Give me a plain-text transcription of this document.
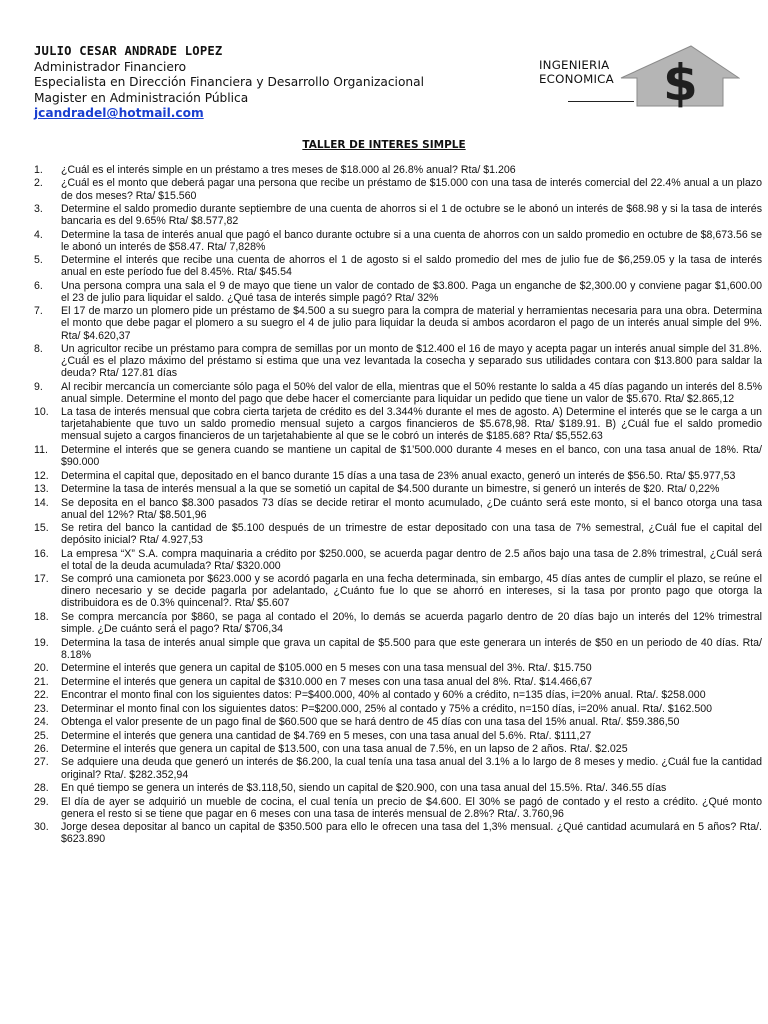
JULIO CESAR ANDRADE LOPEZ
Administrador Financiero
Especialista en Dirección Financiera y Desarrollo Organizacional
Magister en Administración Pública
jcandradel@hotmail.com
$
INGENIERIA
ECONOMICA
TALLER DE INTERES SIMPLE
1.	¿Cuál es el interés simple en un préstamo a tres meses de $18.000 al 26.8% anual? Rta/ $1.206
2.	¿Cuál es el monto que deberá pagar una persona que recibe un préstamo de $15.000 con una tasa de interés comercial del 22.4% anual a un plazo de dos meses? Rta/ $15.560
3.	Determine el saldo promedio durante septiembre de una cuenta de ahorros si el 1 de octubre se le abonó un interés de $68.98 y si la tasa de interés bancaria es del 9.65% Rta/ $8.577,82
4.	Determine la tasa de interés anual que pagó el banco durante octubre si a una cuenta de ahorros con un saldo promedio en octubre de $8,673.56 se le abonó un interés de $58.47. Rta/ 7,828%
5.	Determine el interés que recibe una cuenta de ahorros el 1 de agosto si el saldo promedio del mes de julio fue de $6,259.05 y la tasa de interés anual en este período fue del 8.45%. Rta/ $45.54
6.	Una persona compra una sala el 9 de mayo que tiene un valor de contado de $3.800. Paga un enganche de $2,300.00 y conviene pagar $1,600.00 el 23 de julio para liquidar el saldo. ¿Qué tasa de interés simple pagó? Rta/ 32%
7.	El 17 de marzo un plomero pide un préstamo de $4.500 a su suegro para la compra de material y herramientas necesaria para una obra. Determina el monto que debe pagar el plomero a su suegro el 4 de julio para liquidar la deuda si ambos acordaron el pago de un interés anual simple del 9%. Rta/ $4.620,37
8.	Un agricultor recibe un préstamo para compra de semillas por un monto de $12.400 el 16 de mayo y acepta pagar un interés anual simple del 31.8%. ¿Cuál es el plazo máximo del préstamo si estima que una vez levantada la cosecha y separado sus utilidades contara con $13.800 para saldar la deuda? Rta/ 127.81 días
9.	Al recibir mercancía un comerciante sólo paga el 50% del valor de ella, mientras que el 50% restante lo salda a 45 días pagando un interés del 8.5% anual simple. Determine el monto del pago que debe hacer el comerciante para liquidar un pedido que tiene un valor de $5.670. Rta/ $2.865,12
10.	La tasa de interés mensual que cobra cierta tarjeta de crédito es del 3.344% durante el mes de agosto. A) Determine el interés que se le carga a un tarjetahabiente que tuvo un saldo promedio mensual sujeto a cargos financieros de $5.678,98. Rta/ $189.91. B) ¿Cuál fue el saldo promedio mensual sujeto a cargos financieros de un tarjetahabiente al que se le cobró un interés de $185.68? Rta/ $5,552.63
11.	Determine el interés que se genera cuando se mantiene un capital de $1’500.000 durante 4 meses en el banco, con una tasa anual de 18%. Rta/ $90.000
12.	Determina el capital que, depositado en el banco durante 15 días a una tasa de 23% anual exacto, generó un interés de $56.50. Rta/ $5.977,53
13.	Determine la tasa de interés mensual a la que se sometió un capital de $4.500 durante un bimestre, si generó un interés de $20. Rta/ 0,22%
14.	Se deposita en el banco $8.300 pasados 73 días se decide retirar el monto acumulado, ¿De cuánto será este monto, si el banco otorga una tasa anual del 12%? Rta/ $8.501,96
15.	Se retira del banco la cantidad de $5.100 después de un trimestre de estar depositado con una tasa de 7% semestral, ¿Cuál fue el capital del depósito inicial? Rta/ 4.927,53
16.	La empresa “X” S.A. compra maquinaria a crédito por $250.000, se acuerda pagar dentro de 2.5 años bajo una tasa de 2.8% trimestral, ¿Cuál será el total de la deuda acumulada? Rta/ $320.000
17.	Se compró una camioneta por $623.000 y se acordó pagarla en una fecha determinada, sin embargo, 45 días antes de cumplir el plazo, se reúne el dinero necesario y se decide pagarla por adelantado, ¿Cuánto fue lo que se ahorró en intereses, si la tasa por pronto pago que otorga la distribuidora es de 0.3% quincenal?. Rta/ $5.607
18.	Se compra mercancía por $860, se paga al contado el 20%, lo demás se acuerda pagarlo dentro de 20 días bajo un interés del 12% trimestral simple. ¿De cuánto será el pago? Rta/ $706,34
19.	Determina la tasa de interés anual simple que grava un capital de $5.500 para que este generara un interés de $50 en un periodo de 40 días. Rta/ 8.18%
20.	Determine el interés que genera un capital de $105.000 en 5 meses con una tasa mensual del 3%. Rta/. $15.750
21.	Determine el interés que genera un capital de $310.000 en 7 meses con una tasa anual del 8%. Rta/. $14.466,67
22.	Encontrar el monto final con los siguientes datos: P=$400.000, 40% al contado y 60% a crédito, n=135 días, i=20% anual. Rta/. $258.000
23.	Determinar el monto final con los siguientes datos: P=$200.000, 25% al contado y 75% a crédito, n=150 días, i=20% anual. Rta/. $162.500
24.	Obtenga el valor presente de un pago final de $60.500 que se hará dentro de 45 días con una tasa del 15% anual. Rta/. $59.386,50
25.	Determine el interés que genera una cantidad de $4.769 en 5 meses, con una tasa anual del 5.6%. Rta/. $111,27
26.	Determine el interés que genera un capital de $13.500, con una tasa anual de 7.5%, en un lapso de 2 años. Rta/. $2.025
27.	Se adquiere una deuda que generó un interés de $6.200, la cual tenía una tasa anual del 3.1% a lo largo de 8 meses y medio. ¿Cuál fue la cantidad original? Rta/. $282.352,94
28.	En qué tiempo se genera un interés de $3.118,50, siendo un capital de $20.900, con una tasa anual del 15.5%. Rta/. 346.55 días
29.	El día de ayer se adquirió un mueble de cocina, el cual tenía un precio de $4.600. El 30% se pagó de contado y el resto a crédito. ¿Qué monto genera el resto si se tiene que pagar en 6 meses con una tasa de interés mensual de 2.8%? Rta/. 3.760,96
30.	Jorge desea depositar al banco un capital de $350.500 para ello le ofrecen una tasa del 1,3% mensual. ¿Qué cantidad acumulará en 5 años? Rta/. $623.890
